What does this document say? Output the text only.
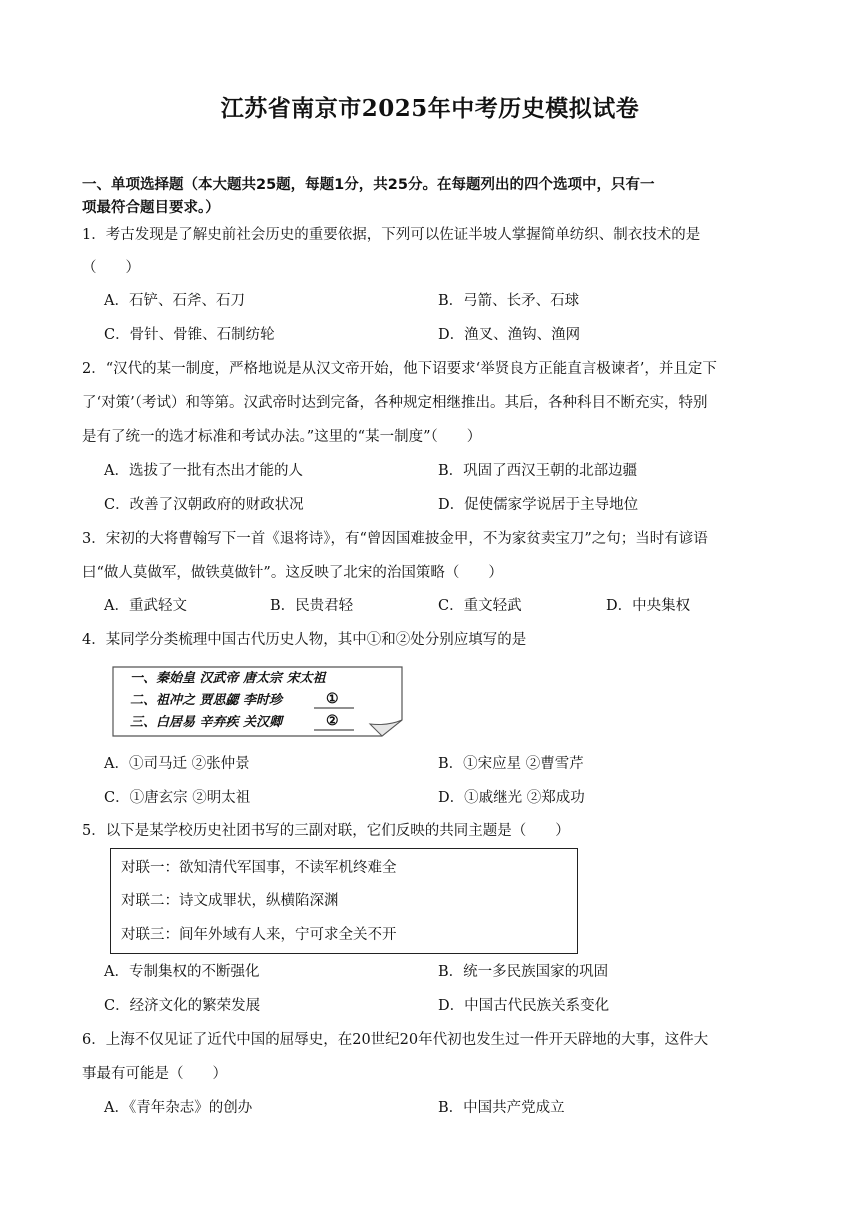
江苏省南京市2025年中考历史模拟试卷
一、单项选择题（本大题共25题，每题1分，共25分。在每题列出的四个选项中，只有一
项最符合题目要求。）
1．考古发现是了解史前社会历史的重要依据，下列可以佐证半坡人掌握简单纺织、制衣技术的是
（　　）
A．石铲、石斧、石刀	B．弓箭、长矛、石球
C．骨针、骨锥、石制纺轮	D．渔叉、渔钩、渔网
2．“汉代的某一制度，严格地说是从汉文帝开始，他下诏要求‘举贤良方正能直言极谏者’，并且定下
了‘对策’（考试）和等第。汉武帝时达到完备，各种规定相继推出。其后，各种科目不断充实，特别
是有了统一的选才标准和考试办法。”这里的“某一制度”（　　）
A．选拔了一批有杰出才能的人	B．巩固了西汉王朝的北部边疆
C．改善了汉朝政府的财政状况	D．促使儒家学说居于主导地位
3．宋初的大将曹翰写下一首《退将诗》，有“曾因国难披金甲，不为家贫卖宝刀”之句；当时有谚语
曰“做人莫做军，做铁莫做针”。这反映了北宋的治国策略（　　）
A．重武轻文	B．民贵君轻	C．重文轻武	D．中央集权
4．某同学分类梳理中国古代历史人物，其中①和②处分别应填写的是
一、秦始皇 汉武帝 唐太宗 宋太祖
二、祖冲之 贾思勰 李时珍
三、白居易 辛弃疾 关汉卿
①
②
A．①司马迁 ②张仲景	B．①宋应星 ②曹雪芹
C．①唐玄宗 ②明太祖	D．①戚继光 ②郑成功
5．以下是某学校历史社团书写的三副对联，它们反映的共同主题是（　　）
对联一：欲知清代军国事，不读军机终难全
对联二：诗文成罪状，纵横陷深渊
对联三：间年外域有人来，宁可求全关不开
A．专制集权的不断强化	B．统一多民族国家的巩固
C．经济文化的繁荣发展	D．中国古代民族关系变化
6．上海不仅见证了近代中国的屈辱史，在20世纪20年代初也发生过一件开天辟地的大事，这件大
事最有可能是（　　）
A．《青年杂志》的创办	B．中国共产党成立
